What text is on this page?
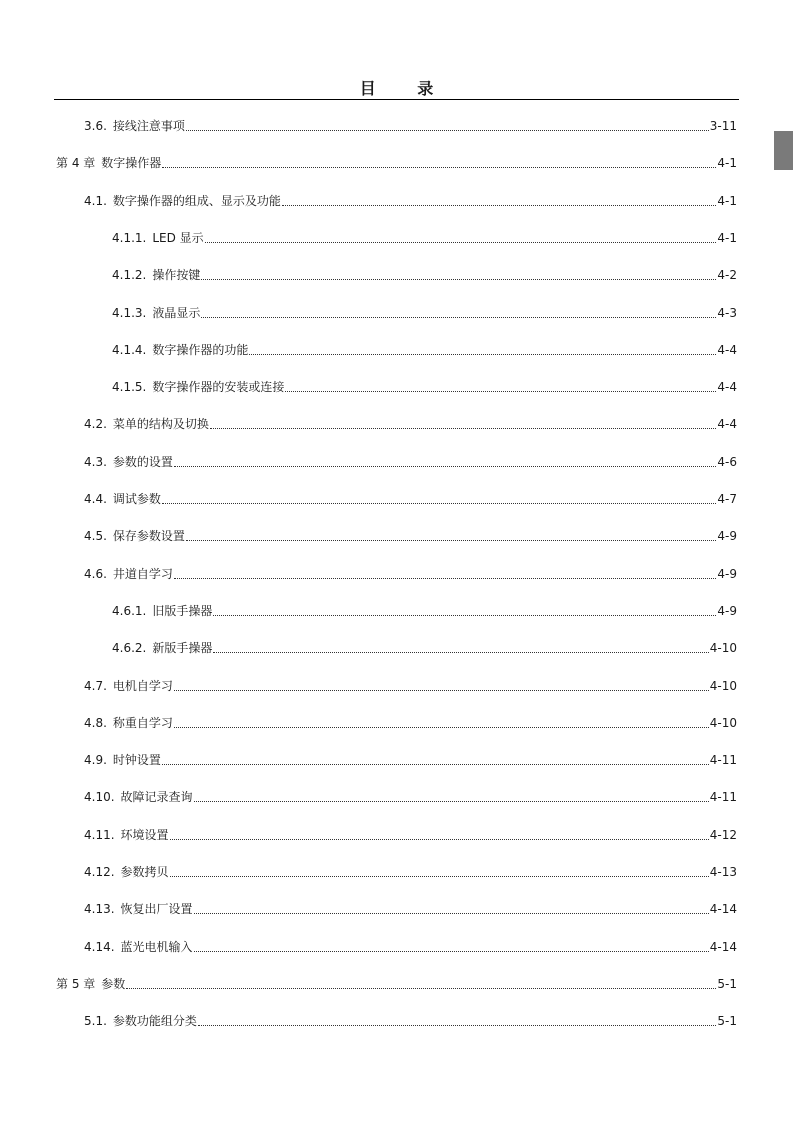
目 录
3.6. 接线注意事项	3-11
第 4 章 数字操作器	4-1
4.1. 数字操作器的组成、显示及功能	4-1
4.1.1. LED 显示	4-1
4.1.2. 操作按键	4-2
4.1.3. 液晶显示	4-3
4.1.4. 数字操作器的功能	4-4
4.1.5. 数字操作器的安装或连接	4-4
4.2. 菜单的结构及切换	4-4
4.3. 参数的设置	4-6
4.4. 调试参数	4-7
4.5. 保存参数设置	4-9
4.6. 井道自学习	4-9
4.6.1. 旧版手操器	4-9
4.6.2. 新版手操器	4-10
4.7. 电机自学习	4-10
4.8. 称重自学习	4-10
4.9. 时钟设置	4-11
4.10. 故障记录查询	4-11
4.11. 环境设置	4-12
4.12. 参数拷贝	4-13
4.13. 恢复出厂设置	4-14
4.14. 蓝光电机输入	4-14
第 5 章 参数	5-1
5.1. 参数功能组分类	5-1
